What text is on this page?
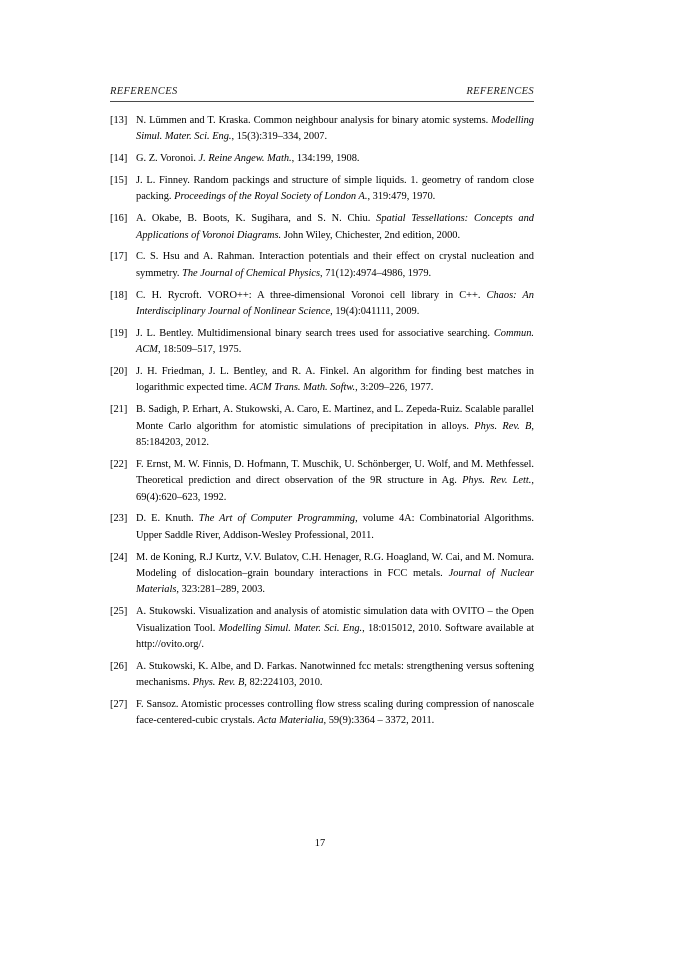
REFERENCES	REFERENCES
[13] N. Lümmen and T. Kraska. Common neighbour analysis for binary atomic systems. Modelling Simul. Mater. Sci. Eng., 15(3):319–334, 2007.
[14] G. Z. Voronoi. J. Reine Angew. Math., 134:199, 1908.
[15] J. L. Finney. Random packings and structure of simple liquids. 1. geometry of random close packing. Proceedings of the Royal Society of London A., 319:479, 1970.
[16] A. Okabe, B. Boots, K. Sugihara, and S. N. Chiu. Spatial Tessellations: Concepts and Applications of Voronoi Diagrams. John Wiley, Chichester, 2nd edition, 2000.
[17] C. S. Hsu and A. Rahman. Interaction potentials and their effect on crystal nucleation and symmetry. The Journal of Chemical Physics, 71(12):4974–4986, 1979.
[18] C. H. Rycroft. VORO++: A three-dimensional Voronoi cell library in C++. Chaos: An Interdisciplinary Journal of Nonlinear Science, 19(4):041111, 2009.
[19] J. L. Bentley. Multidimensional binary search trees used for associative searching. Commun. ACM, 18:509–517, 1975.
[20] J. H. Friedman, J. L. Bentley, and R. A. Finkel. An algorithm for finding best matches in logarithmic expected time. ACM Trans. Math. Softw., 3:209–226, 1977.
[21] B. Sadigh, P. Erhart, A. Stukowski, A. Caro, E. Martinez, and L. Zepeda-Ruiz. Scalable parallel Monte Carlo algorithm for atomistic simulations of precipitation in alloys. Phys. Rev. B, 85:184203, 2012.
[22] F. Ernst, M. W. Finnis, D. Hofmann, T. Muschik, U. Schönberger, U. Wolf, and M. Methfessel. Theoretical prediction and direct observation of the 9R structure in Ag. Phys. Rev. Lett., 69(4):620–623, 1992.
[23] D. E. Knuth. The Art of Computer Programming, volume 4A: Combinatorial Algorithms. Upper Saddle River, Addison-Wesley Professional, 2011.
[24] M. de Koning, R.J Kurtz, V.V. Bulatov, C.H. Henager, R.G. Hoagland, W. Cai, and M. Nomura. Modeling of dislocation–grain boundary interactions in FCC metals. Journal of Nuclear Materials, 323:281–289, 2003.
[25] A. Stukowski. Visualization and analysis of atomistic simulation data with OVITO – the Open Visualization Tool. Modelling Simul. Mater. Sci. Eng., 18:015012, 2010. Software available at http://ovito.org/.
[26] A. Stukowski, K. Albe, and D. Farkas. Nanotwinned fcc metals: strengthening versus softening mechanisms. Phys. Rev. B, 82:224103, 2010.
[27] F. Sansoz. Atomistic processes controlling flow stress scaling during compression of nanoscale face-centered-cubic crystals. Acta Materialia, 59(9):3364 – 3372, 2011.
17
